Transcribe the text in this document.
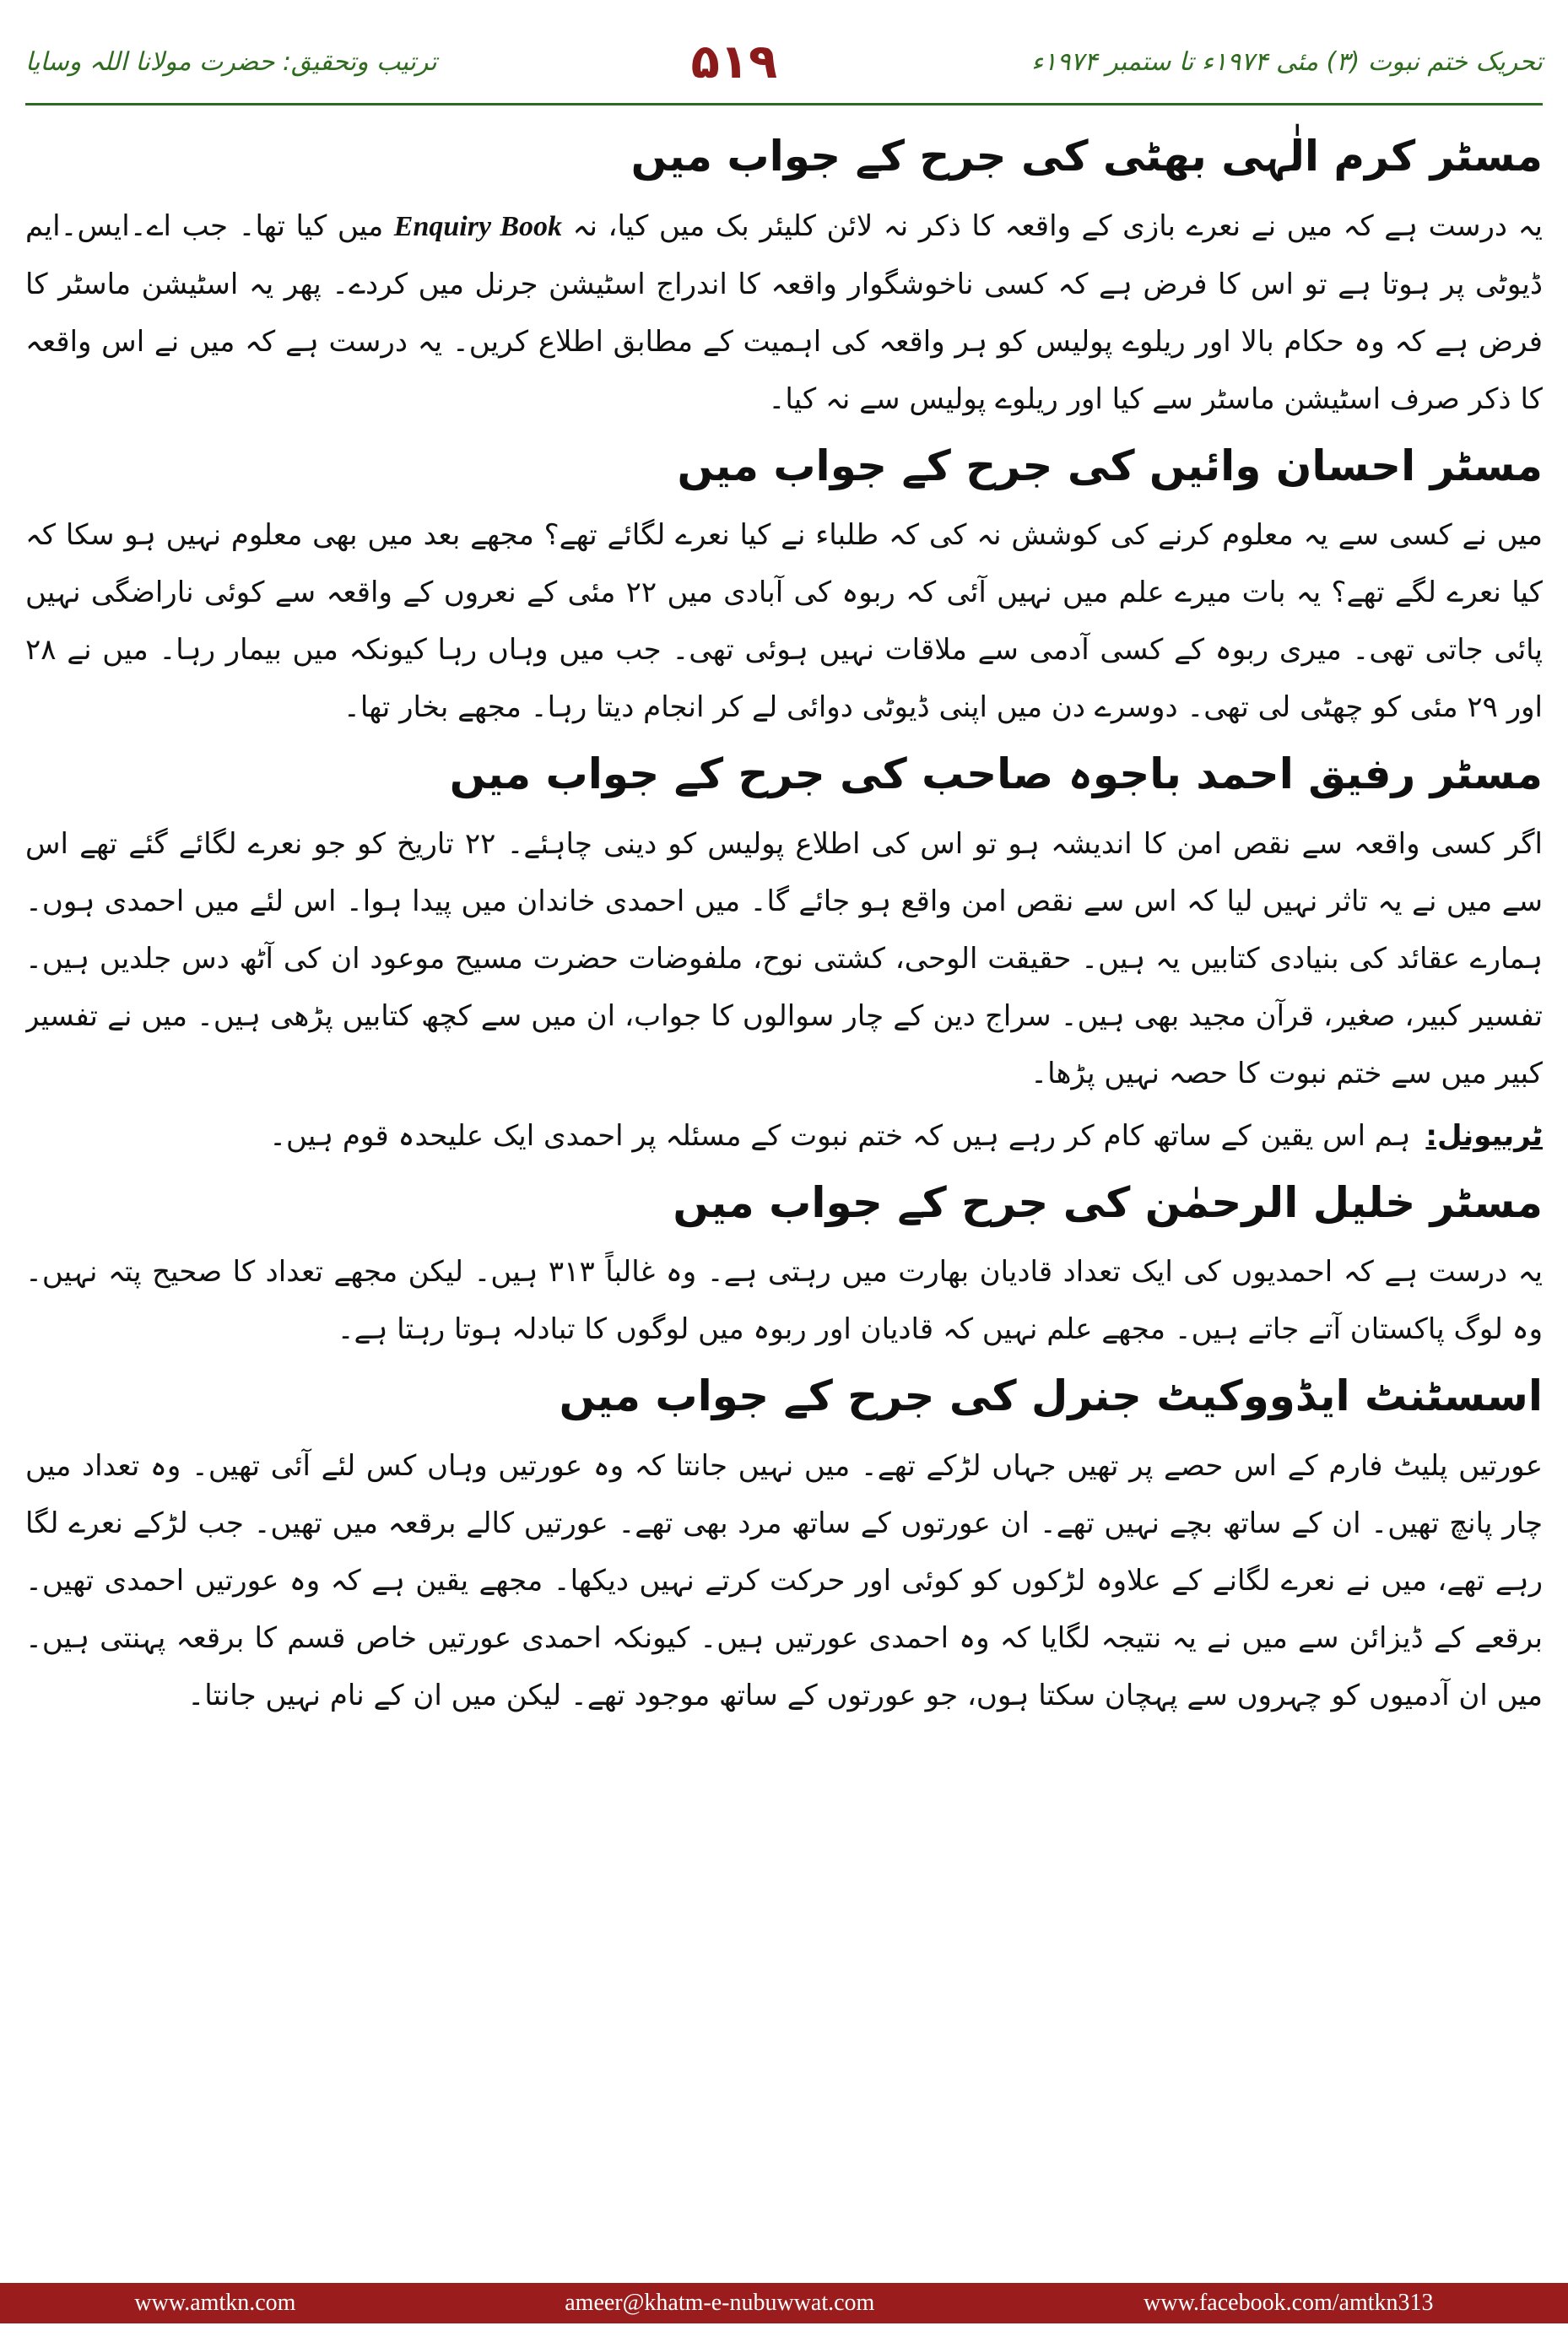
ترتیب وتحقیق: حضرت مولانا اللہ وسایا	۵۱۹	تحریک ختم نبوت (۳) مئی ۱۹۷۴ء تا ستمبر ۱۹۷۴ء
مسٹر کرم الٰہی بھٹی کی جرح کے جواب میں

یہ درست ہے کہ میں نے نعرے بازی کے واقعہ کا ذکر نہ لائن کلیئر بک میں کیا، نہ Enquiry Book میں کیا تھا۔ جب اے۔ایس۔ایم ڈیوٹی پر ہوتا ہے تو اس کا فرض ہے کہ کسی ناخوشگوار واقعہ کا اندراج اسٹیشن جرنل میں کردے۔ پھر یہ اسٹیشن ماسٹر کا فرض ہے کہ وہ حکام بالا اور ریلوے پولیس کو ہر واقعہ کی اہمیت کے مطابق اطلاع کریں۔ یہ درست ہے کہ میں نے اس واقعہ کا ذکر صرف اسٹیشن ماسٹر سے کیا اور ریلوے پولیس سے نہ کیا۔

مسٹر احسان وائیں کی جرح کے جواب میں

میں نے کسی سے یہ معلوم کرنے کی کوشش نہ کی کہ طلباء نے کیا نعرے لگائے تھے؟ مجھے بعد میں بھی معلوم نہیں ہو سکا کہ کیا نعرے لگے تھے؟ یہ بات میرے علم میں نہیں آئی کہ ربوہ کی آبادی میں ۲۲ مئی کے نعروں کے واقعہ سے کوئی ناراضگی نہیں پائی جاتی تھی۔ میری ربوہ کے کسی آدمی سے ملاقات نہیں ہوئی تھی۔ جب میں وہاں رہا کیونکہ میں بیمار رہا۔ میں نے ۲۸ اور ۲۹ مئی کو چھٹی لی تھی۔ دوسرے دن میں اپنی ڈیوٹی دوائی لے کر انجام دیتا رہا۔ مجھے بخار تھا۔

مسٹر رفیق احمد باجوہ صاحب کی جرح کے جواب میں

اگر کسی واقعہ سے نقص امن کا اندیشہ ہو تو اس کی اطلاع پولیس کو دینی چاہئے۔ ۲۲ تاریخ کو جو نعرے لگائے گئے تھے اس سے میں نے یہ تاثر نہیں لیا کہ اس سے نقص امن واقع ہو جائے گا۔ میں احمدی خاندان میں پیدا ہوا۔ اس لئے میں احمدی ہوں۔ ہمارے عقائد کی بنیادی کتابیں یہ ہیں۔ حقیقت الوحی، کشتی نوح، ملفوضات حضرت مسیح موعود ان کی آٹھ دس جلدیں ہیں۔ تفسیر کبیر، صغیر، قرآن مجید بھی ہیں۔ سراج دین کے چار سوالوں کا جواب، ان میں سے کچھ کتابیں پڑھی ہیں۔ میں نے تفسیر کبیر میں سے ختم نبوت کا حصہ نہیں پڑھا۔

ٹربیونل:ہم اس یقین کے ساتھ کام کر رہے ہیں کہ ختم نبوت کے مسئلہ پر احمدی ایک علیحدہ قوم ہیں۔

مسٹر خلیل الرحمٰن کی جرح کے جواب میں

یہ درست ہے کہ احمدیوں کی ایک تعداد قادیان بھارت میں رہتی ہے۔ وہ غالباً ۳۱۳ ہیں۔ لیکن مجھے تعداد کا صحیح پتہ نہیں۔ وہ لوگ پاکستان آتے جاتے ہیں۔ مجھے علم نہیں کہ قادیان اور ربوہ میں لوگوں کا تبادلہ ہوتا رہتا ہے۔

اسسٹنٹ ایڈووکیٹ جنرل کی جرح کے جواب میں

عورتیں پلیٹ فارم کے اس حصے پر تھیں جہاں لڑکے تھے۔ میں نہیں جانتا کہ وہ عورتیں وہاں کس لئے آئی تھیں۔ وہ تعداد میں چار پانچ تھیں۔ ان کے ساتھ بچے نہیں تھے۔ ان عورتوں کے ساتھ مرد بھی تھے۔ عورتیں کالے برقعہ میں تھیں۔ جب لڑکے نعرے لگا رہے تھے، میں نے نعرے لگانے کے علاوہ لڑکوں کو کوئی اور حرکت کرتے نہیں دیکھا۔ مجھے یقین ہے کہ وہ عورتیں احمدی تھیں۔ برقعے کے ڈیزائن سے میں نے یہ نتیجہ لگایا کہ وہ احمدی عورتیں ہیں۔ کیونکہ احمدی عورتیں خاص قسم کا برقعہ پہنتی ہیں۔ میں ان آدمیوں کو چہروں سے پہچان سکتا ہوں، جو عورتوں کے ساتھ موجود تھے۔ لیکن میں ان کے نام نہیں جانتا۔

www.amtkn.com	ameer@khatm-e-nubuwwat.com	www.facebook.com/amtkn313
